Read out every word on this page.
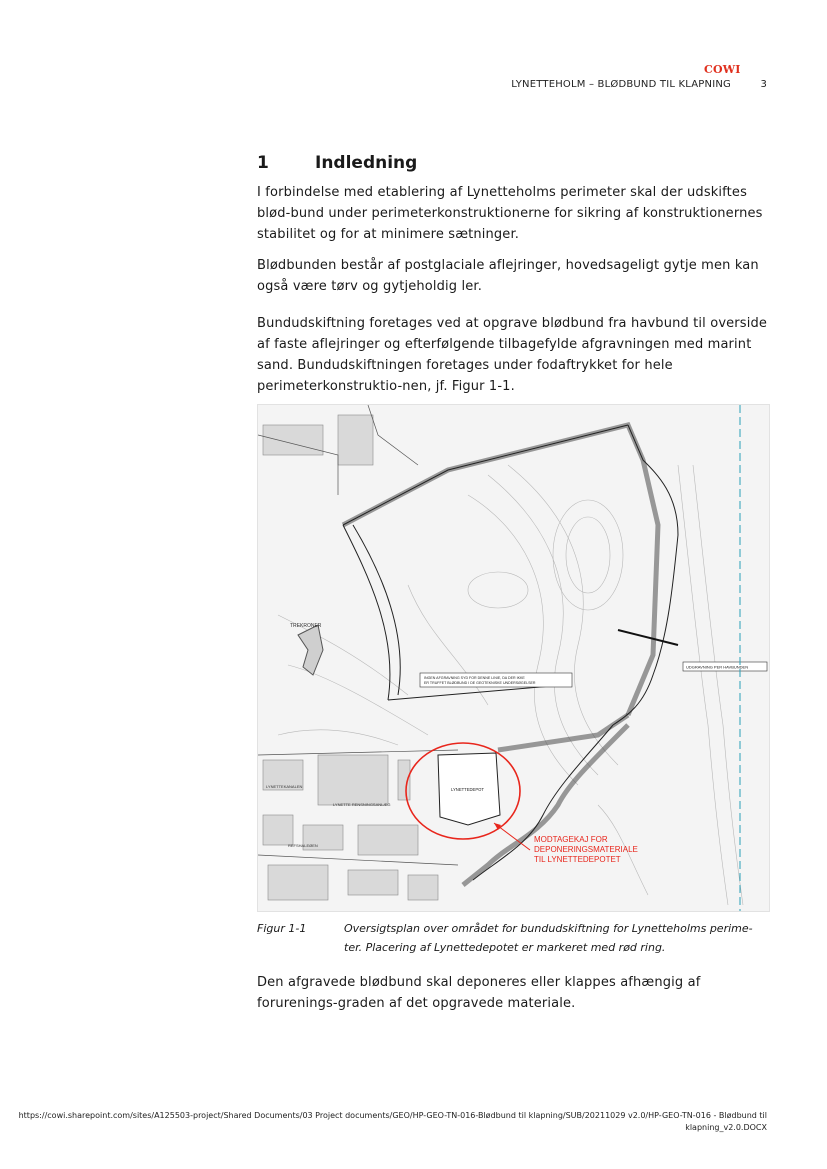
COWI
LYNETTEHOLM – BLØDBUND TIL KLAPNING	3
1	Indledning

I forbindelse med etablering af Lynetteholms perimeter skal der udskiftes blød-bund under perimeterkonstruktionerne for sikring af konstruktionernes stabilitet og for at minimere sætninger.

Blødbunden består af postglaciale aflejringer, hovedsageligt gytje men kan også være tørv og gytjeholdig ler.

Bundudskiftning foretages ved at opgrave blødbund fra havbund til overside af faste aflejringer og efterfølgende tilbagefylde afgravningen med marint sand. Bundudskiftningen foretages under fodaftrykket for hele perimeterkonstruktio-nen, jf. Figur 1-1.

TREKRONER
INGEN AFGRAVNING SYD FOR DENNE LINIE, DA DER IKKE
ER TRUFFET BLØDBUND I DE GEOTEKNISKE UNDERSØGELSER
UDGRAVNING PER HAVBUNDEN
LYNETTEDEPOT
MODTAGEKAJ FOR
DEPONERINGSMATERIALE
TIL LYNETTEDEPOTET
LYNETTE RENSNINGSANLÆG
REFSHALEØEN
LYNETTEKANALEN
Figur 1-1	Oversigtsplan over området for bundudskiftning for Lynetteholms perime-ter. Placering af Lynettedepotet er markeret med rød ring.

Den afgravede blødbund skal deponeres eller klappes afhængig af forurenings-graden af det opgravede materiale.

https://cowi.sharepoint.com/sites/A125503-project/Shared Documents/03 Project documents/GEO/HP-GEO-TN-016-Blødbund til klapning/SUB/20211029 v2.0/HP-GEO-TN-016 - Blødbund til klapning_v2.0.DOCX
